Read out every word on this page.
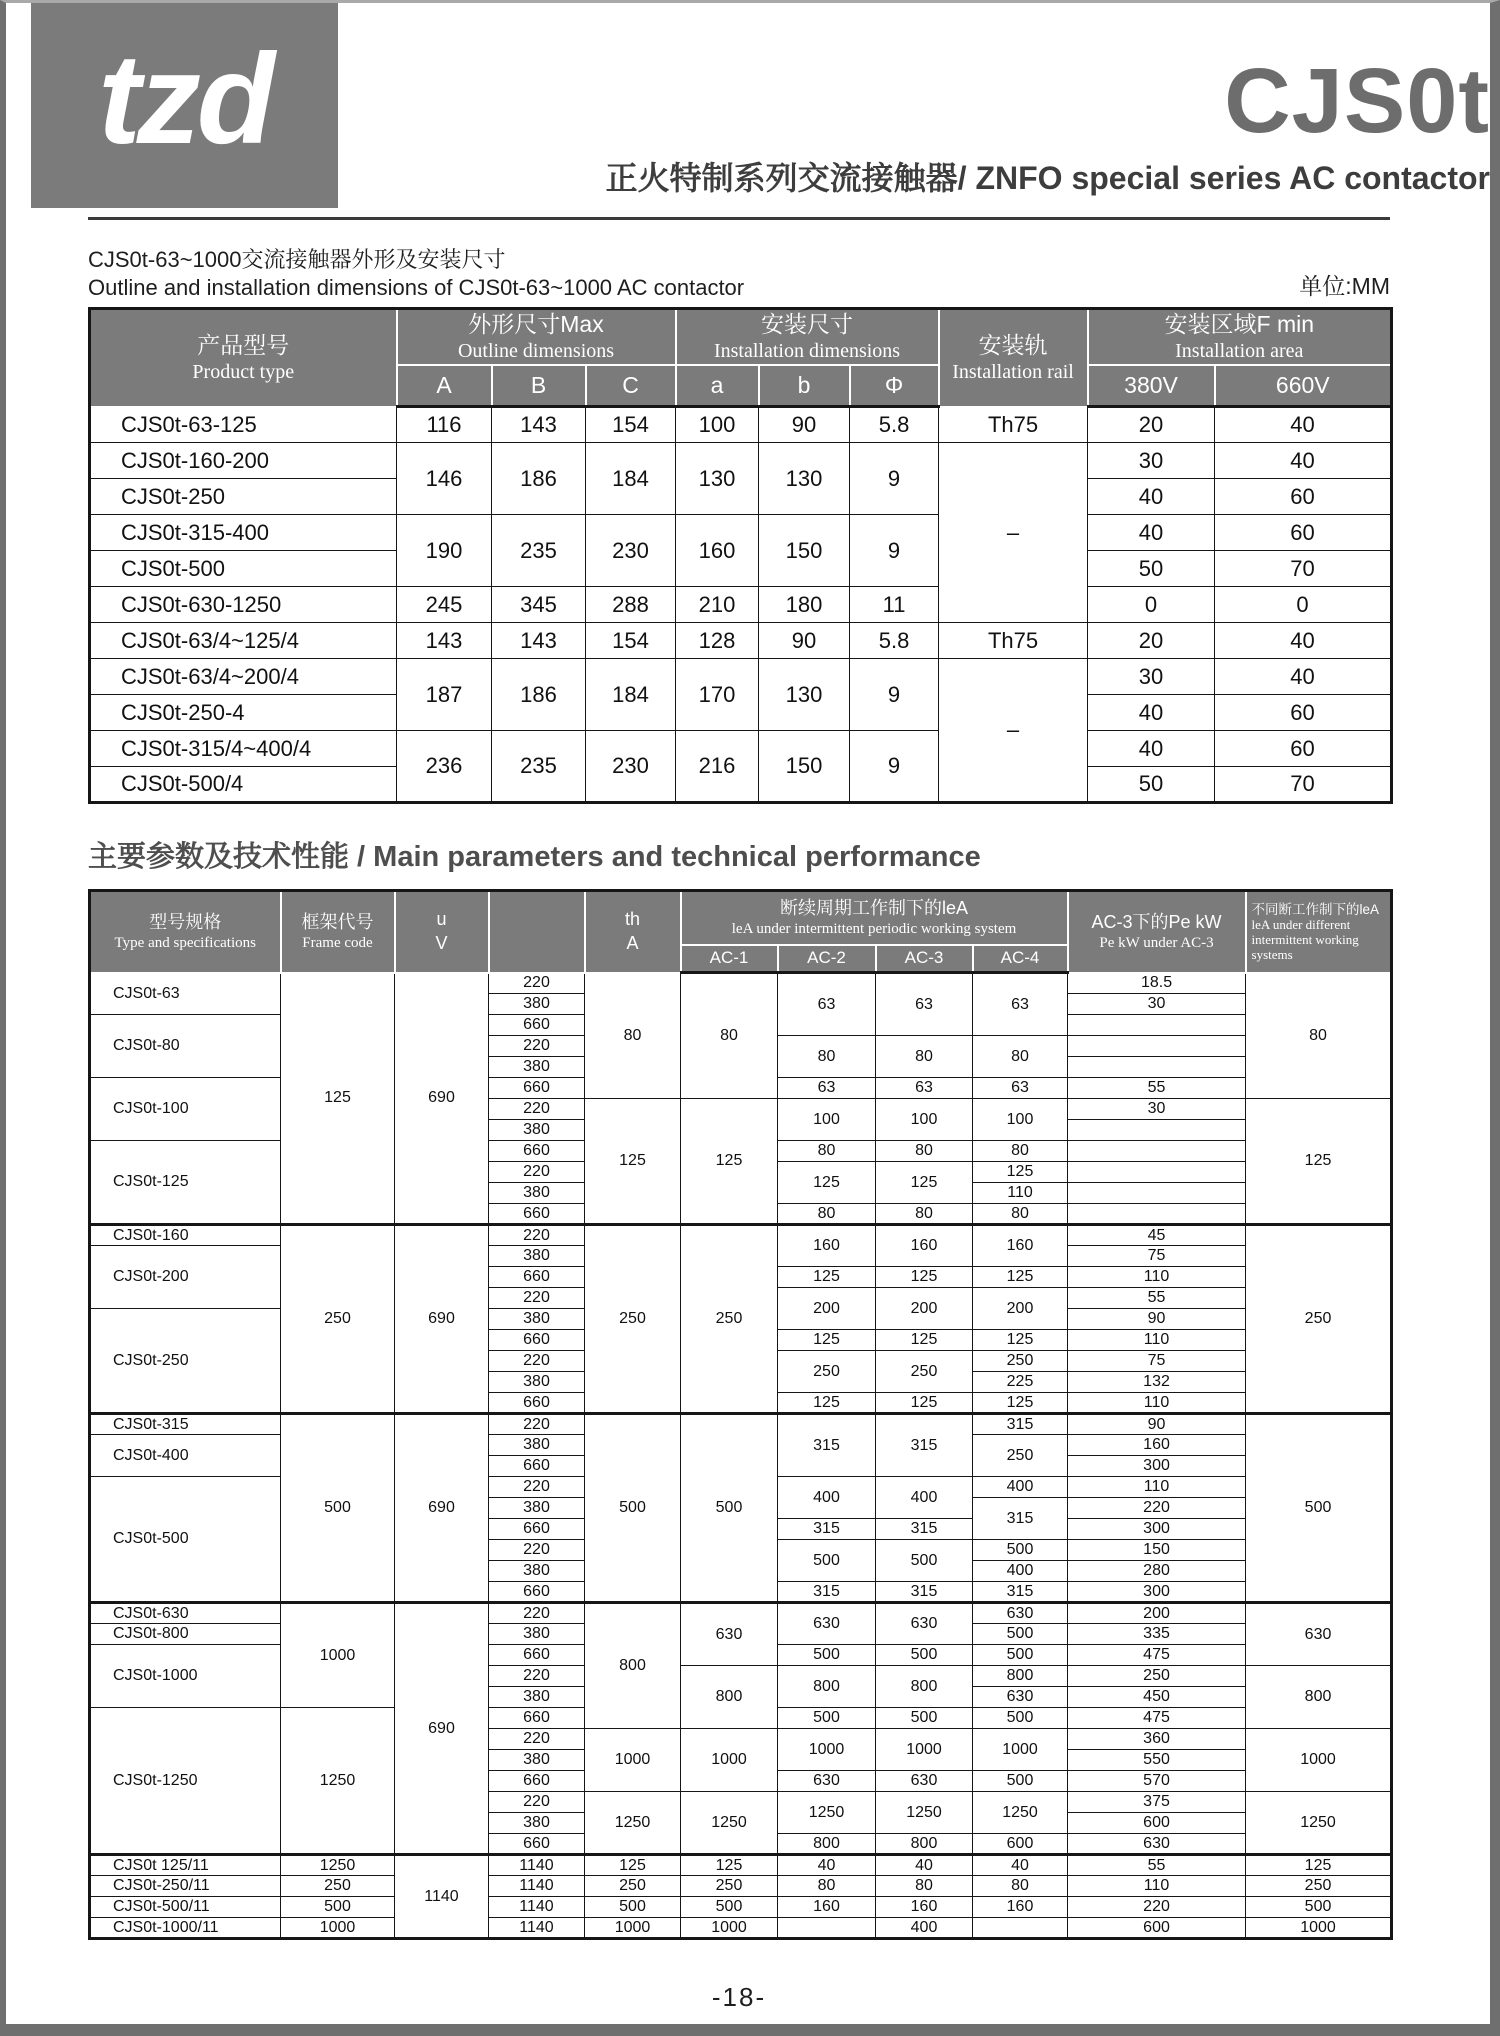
tzd	CJS0t
正火特制系列交流接触器/ ZNFO special series AC contactor
CJS0t-63~1000交流接触器外形及安装尺寸
Outline and installation dimensions of CJS0t-63~1000 AC contactor	单位:MM
产品型号
Product type

外形尺寸Max
Outline dimensions

安装尺寸
Installation dimensions	安装轨
Installation rail

安装区域F min
Installation area

	A	B	C	a	b	Φ		380V	660V
CJS0t-63-125	116	143	154	100	90	5.8	Th75	20	40
CJS0t-160-200	146	186	184	130	130	9	–	30	40
CJS0t-250								40	60
CJS0t-315-400	190	235	230	160	150	9		40	60
CJS0t-500								50	70
CJS0t-630-1250	245	345	288	210	180	11		0	0
CJS0t-63/4~125/4	143	143	154	128	90	5.8	Th75	20	40
CJS0t-63/4~200/4	187	186	184	170	130	9	–	30	40
CJS0t-250-4								40	60
CJS0t-315/4~400/4	236	235	230	216	150	9		40	60
CJS0t-500/4								50	70
主要参数及技术性能 / Main parameters and technical performance
型号规格
Type and specifications

框架代号
Frame code

u
V

th
A

断续周期工作制下的leA
leA under intermittent periodic working system	AC-3下的Pe kW
Pe kW under AC-3

不同断工作制下的leA
leA under different
intermittent working
systems

					AC-1	AC-2	AC-3	AC-4		
CJS0t-63	125	690	220	80	80	63	63	63	18.5	80
			380						30	
CJS0t-80			660							
			220			80	80	80		
			380							
CJS0t-100			660			63	63	63	55	
			220	125	125	100	100	100	30	125
			380							
CJS0t-125			660			80	80	80		
			220			125	125	125		
			380					110		
			660			80	80	80		
CJS0t-160	250	690	220	250	250	160	160	160	45	250
CJS0t-200			380						75	
			660			125	125	125	110	
			220			200	200	200	55	
CJS0t-250			380						90	
			660			125	125	125	110	
			220			250	250	250	75	
			380					225	132	
			660			125	125	125	110	
CJS0t-315	500	690	220	500	500	315	315	315	90	500
CJS0t-400			380					250	160	
			660						300	
CJS0t-500			220			400	400	400	110	
			380					315	220	
			660			315	315		300	
			220			500	500	500	150	
			380					400	280	
			660			315	315	315	300	
CJS0t-630	1000	690	220	800	630	630	630	630	200	630
CJS0t-800			380					500	335	
CJS0t-1000			660			500	500	500	475	
			220		800	800	800	800	250	800
			380					630	450	
CJS0t-1250	1250		660			500	500	500	475	
			220	1000	1000	1000	1000	1000	360	1000
			380						550	
			660			630	630	500	570	
			220	1250	1250	1250	1250	1250	375	1250
			380						600	
			660			800	800	600	630	
CJS0t 125/11	1250	1140	1140	125	125	40	40	40	55	125
CJS0t-250/11	250		1140	250	250	80	80	80	110	250
CJS0t-500/11	500		1140	500	500	160	160	160	220	500
CJS0t-1000/11	1000		1140	1000	1000		400		600	1000
-18-
